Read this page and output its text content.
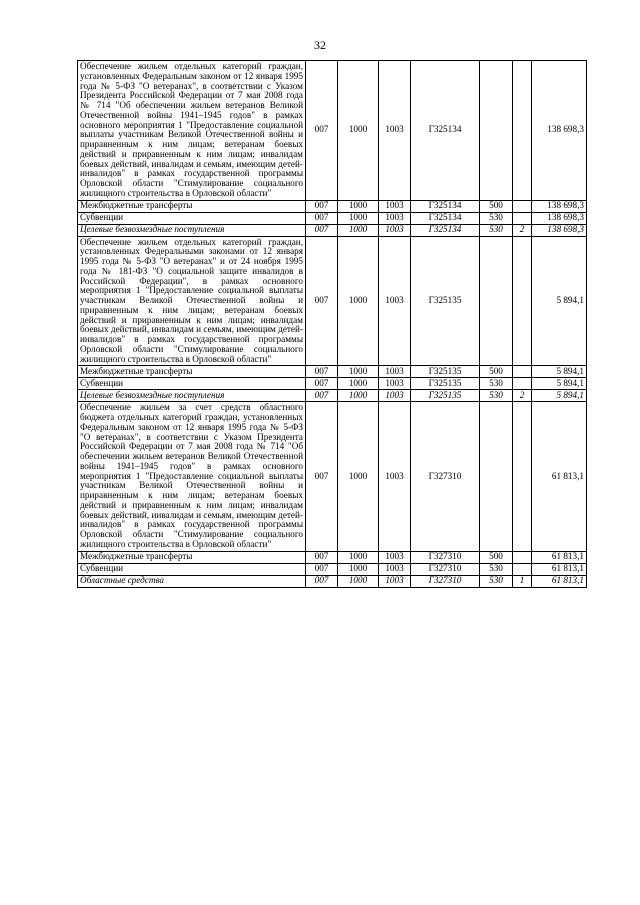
32
Обеспечение жильем отдельных категорий граждан, установленных Федеральным законом от 12 января 1995 года № 5-ФЗ "О ветеранах", в соответствии с Указом Президента Российской Федерации от 7 мая 2008 года № 714 "Об обеспечении жильем ветеранов Великой Отечественной войны 1941–1945 годов" в рамках основного мероприятия 1 "Предоставление социальной выплаты участникам Великой Отечественной войны и приравненным к ним лицам; ветеранам боевых действий и приравненным к ним лицам; инвалидам боевых действий, инвалидам и семьям, имеющим детей-инвалидов" в рамках государственной программы Орловской области "Стимулирование социального жилищного строительства в Орловской области"	007	1000	1003	Г325134			138 698,3
Межбюджетные трансферты	007	1000	1003	Г325134	500		138 698,3
Субвенции	007	1000	1003	Г325134	530		138 698,3
Целевые безвозмездные поступления	007	1000	1003	Г325134	530	2	138 698,3
Обеспечение жильем отдельных категорий граждан, установленных Федеральными законами от 12 января 1995 года № 5-ФЗ "О ветеранах" и от 24 ноября 1995 года № 181-ФЗ "О социальной защите инвалидов в Российской Федерации", в рамках основного мероприятия 1 "Предоставление социальной выплаты участникам Великой Отечественной войны и приравненным к ним лицам; ветеранам боевых действий и приравненным к ним лицам; инвалидам боевых действий, инвалидам и семьям, имеющим детей-инвалидов" в рамках государственной программы Орловской области "Стимулирование социального жилищного строительства в Орловской области"	007	1000	1003	Г325135			5 894,1
Межбюджетные трансферты	007	1000	1003	Г325135	500		5 894,1
Субвенции	007	1000	1003	Г325135	530		5 894,1
Целевые безвозмездные поступления	007	1000	1003	Г325135	530	2	5 894,1
Обеспечение жильем за счет средств областного бюджета отдельных категорий граждан, установленных Федеральным законом от 12 января 1995 года № 5-ФЗ "О ветеранах", в соответствии с Указом Президента Российской Федерации от 7 мая 2008 года № 714 "Об обеспечении жильем ветеранов Великой Отечественной войны 1941–1945 годов" в рамках основного мероприятия 1 "Предоставление социальной выплаты участникам Великой Отечественной войны и приравненным к ним лицам; ветеранам боевых действий и приравненным к ним лицам; инвалидам боевых действий, инвалидам и семьям, имеющим детей-инвалидов" в рамках государственной программы Орловской области "Стимулирование социального жилищного строительства в Орловской области"	007	1000	1003	Г327310			61 813,1
Межбюджетные трансферты	007	1000	1003	Г327310	500		61 813,1
Субвенции	007	1000	1003	Г327310	530		61 813,1
Областные средства	007	1000	1003	Г327310	530	1	61 813,1
